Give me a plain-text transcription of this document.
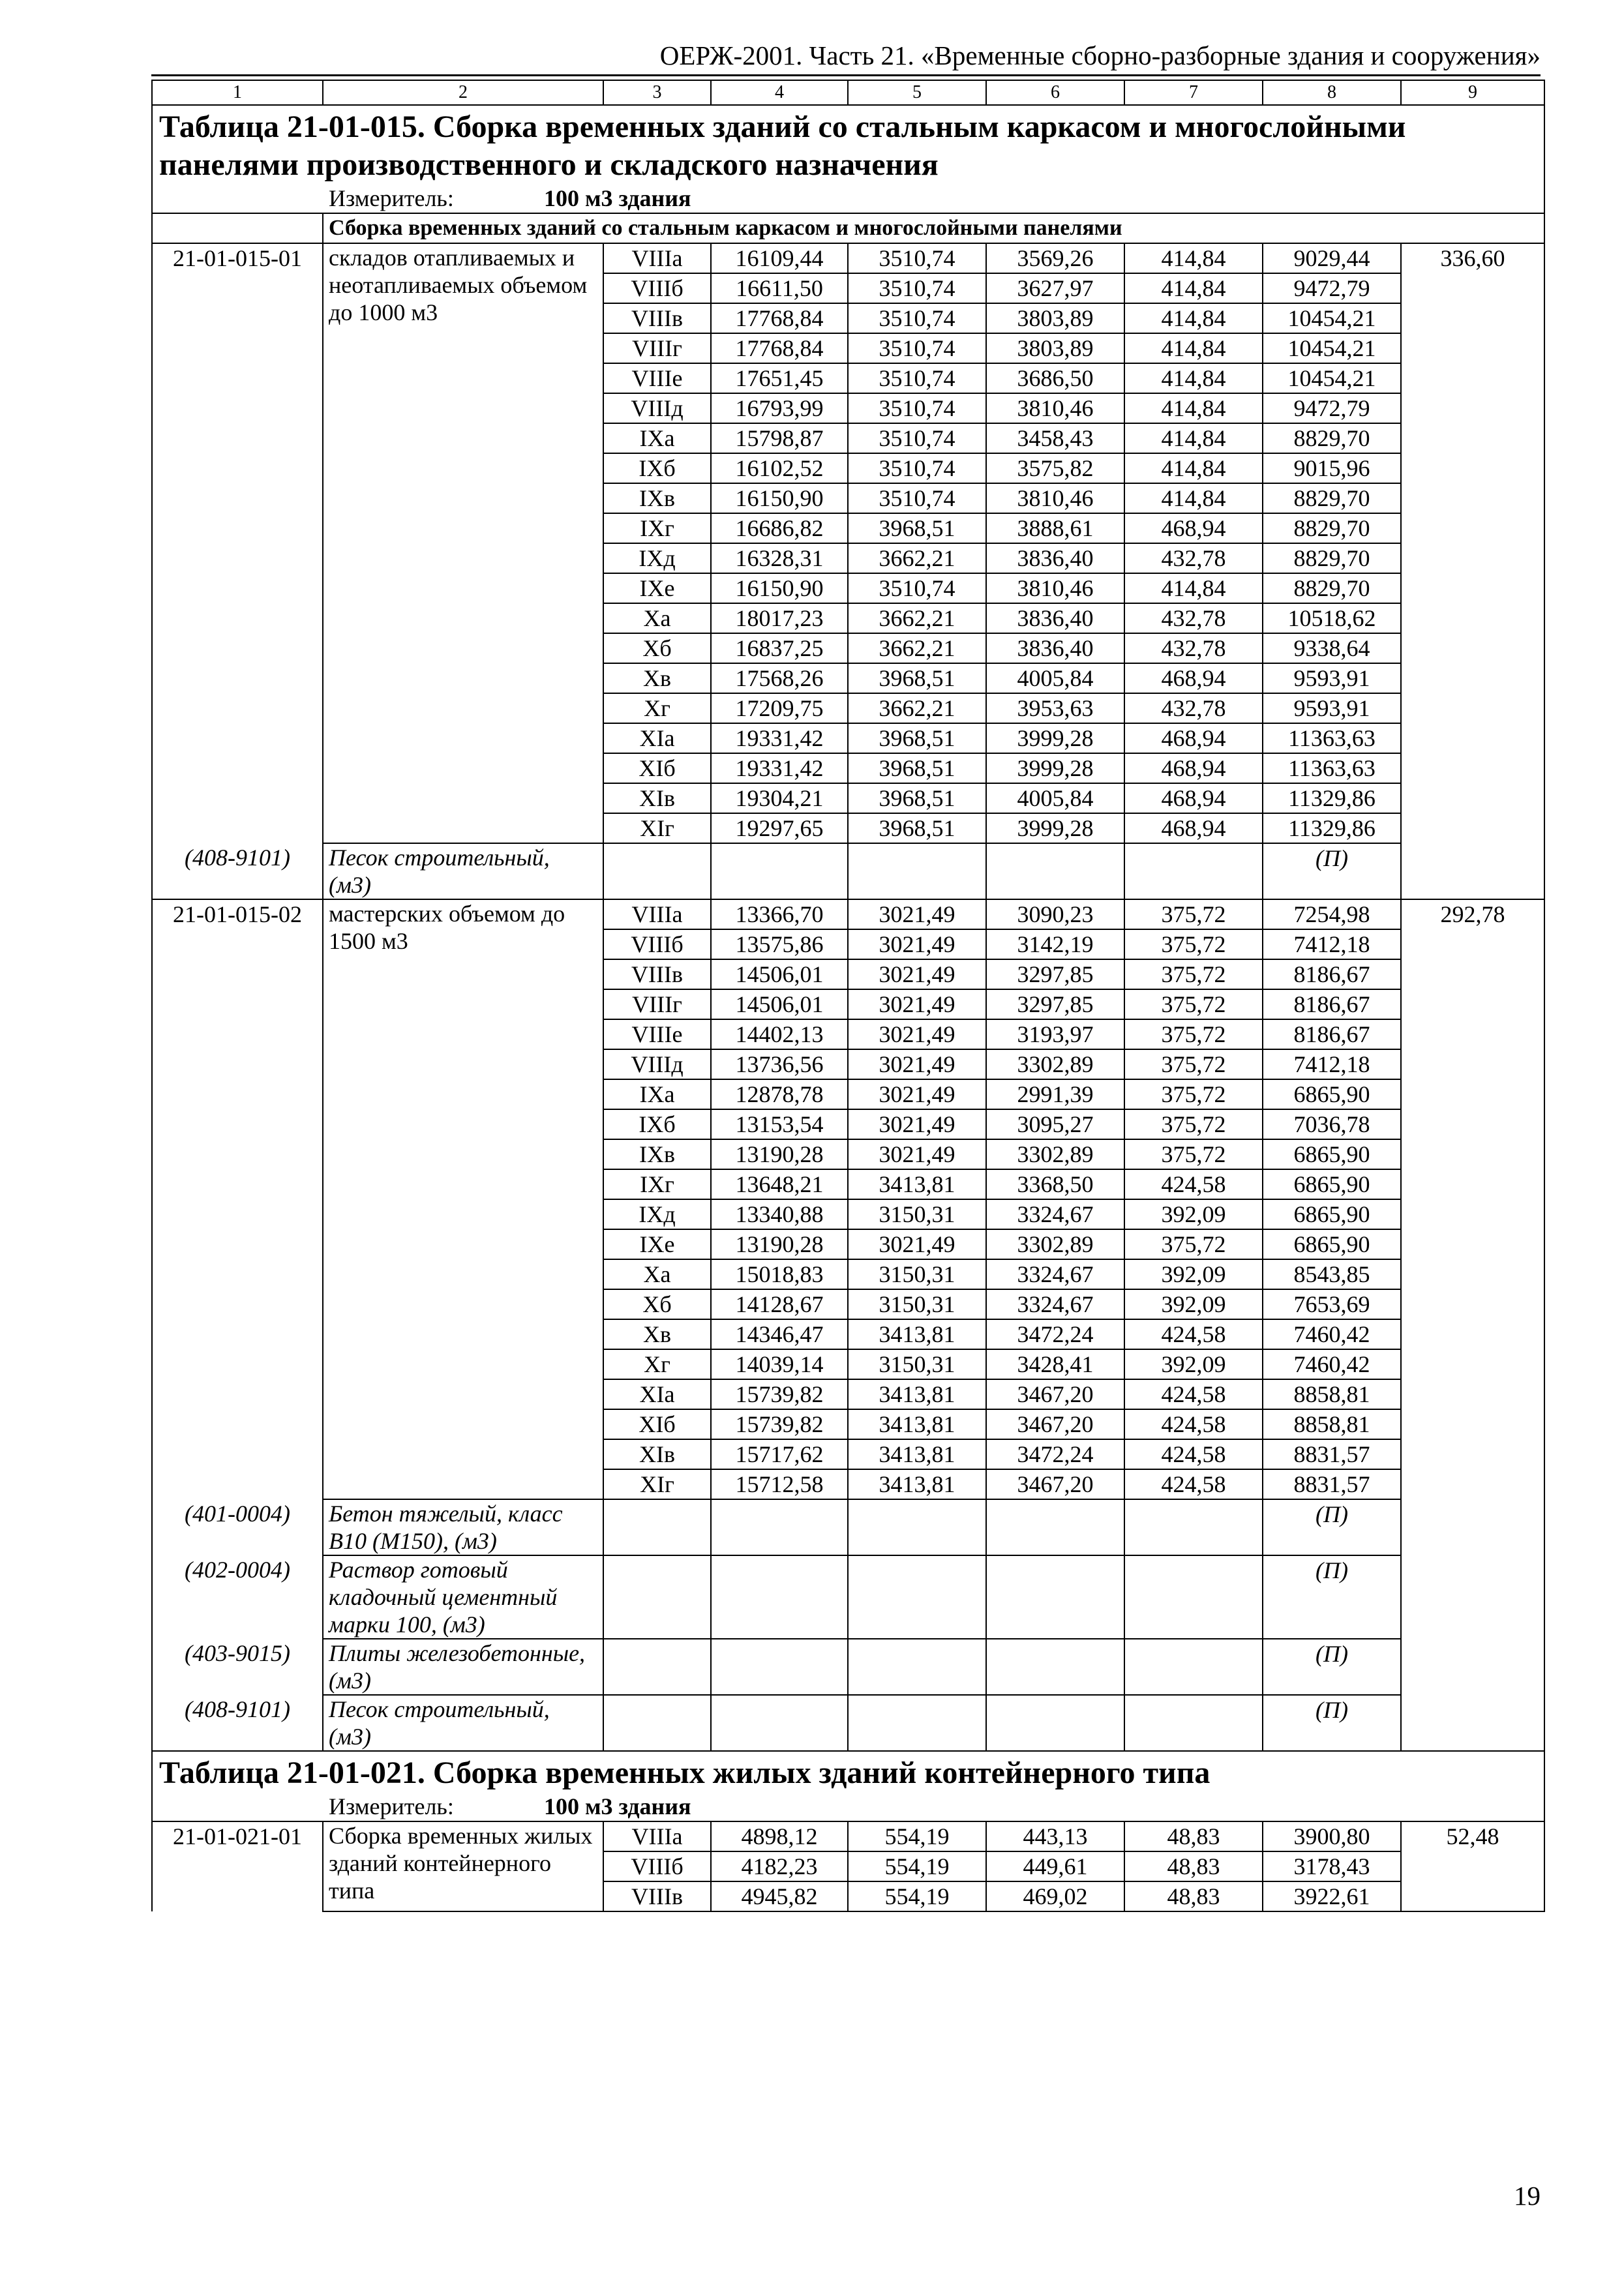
ОЕРЖ-2001. Часть 21. «Временные сборно-разборные здания и сооружения»
1	2	3	4	5	6	7	8	9
Таблица 21-01-015. Сборка временных зданий со стальным каркасом и многослойными панелями производственного и складского назначения								
Измеритель: 100 м3 здания								
	Сборка временных зданий со стальным каркасом и многослойными панелями							
21-01-015-01	складов отапливаемых и неотапливаемых объемом до 1000 м3	VIIIа	16109,44	3510,74	3569,26	414,84	9029,44	336,60
		VIIIб	16611,50	3510,74	3627,97	414,84	9472,79	
		VIIIв	17768,84	3510,74	3803,89	414,84	10454,21	
		VIIIг	17768,84	3510,74	3803,89	414,84	10454,21	
		VIIIе	17651,45	3510,74	3686,50	414,84	10454,21	
		VIIIд	16793,99	3510,74	3810,46	414,84	9472,79	
		IXа	15798,87	3510,74	3458,43	414,84	8829,70	
		IXб	16102,52	3510,74	3575,82	414,84	9015,96	
		IXв	16150,90	3510,74	3810,46	414,84	8829,70	
		IXг	16686,82	3968,51	3888,61	468,94	8829,70	
		IXд	16328,31	3662,21	3836,40	432,78	8829,70	
		IXе	16150,90	3510,74	3810,46	414,84	8829,70	
		Xа	18017,23	3662,21	3836,40	432,78	10518,62	
		Xб	16837,25	3662,21	3836,40	432,78	9338,64	
		Xв	17568,26	3968,51	4005,84	468,94	9593,91	
		Xг	17209,75	3662,21	3953,63	432,78	9593,91	
		XIа	19331,42	3968,51	3999,28	468,94	11363,63	
		XIб	19331,42	3968,51	3999,28	468,94	11363,63	
		XIв	19304,21	3968,51	4005,84	468,94	11329,86	
		XIг	19297,65	3968,51	3999,28	468,94	11329,86	
(408-9101)	Песок строительный, (м3)						(П)	
21-01-015-02	мастерских объемом до 1500 м3	VIIIа	13366,70	3021,49	3090,23	375,72	7254,98	292,78
		VIIIб	13575,86	3021,49	3142,19	375,72	7412,18	
		VIIIв	14506,01	3021,49	3297,85	375,72	8186,67	
		VIIIг	14506,01	3021,49	3297,85	375,72	8186,67	
		VIIIе	14402,13	3021,49	3193,97	375,72	8186,67	
		VIIIд	13736,56	3021,49	3302,89	375,72	7412,18	
		IXа	12878,78	3021,49	2991,39	375,72	6865,90	
		IXб	13153,54	3021,49	3095,27	375,72	7036,78	
		IXв	13190,28	3021,49	3302,89	375,72	6865,90	
		IXг	13648,21	3413,81	3368,50	424,58	6865,90	
		IXд	13340,88	3150,31	3324,67	392,09	6865,90	
		IXе	13190,28	3021,49	3302,89	375,72	6865,90	
		Xа	15018,83	3150,31	3324,67	392,09	8543,85	
		Xб	14128,67	3150,31	3324,67	392,09	7653,69	
		Xв	14346,47	3413,81	3472,24	424,58	7460,42	
		Xг	14039,14	3150,31	3428,41	392,09	7460,42	
		XIа	15739,82	3413,81	3467,20	424,58	8858,81	
		XIб	15739,82	3413,81	3467,20	424,58	8858,81	
		XIв	15717,62	3413,81	3472,24	424,58	8831,57	
		XIг	15712,58	3413,81	3467,20	424,58	8831,57	
(401-0004)	Бетон тяжелый, класс В10 (М150), (м3)						(П)	
(402-0004)	Раствор готовый кладочный цементный марки 100, (м3)						(П)	
(403-9015)	Плиты железобетонные, (м3)						(П)	
(408-9101)	Песок строительный, (м3)						(П)	
Таблица 21-01-021. Сборка временных жилых зданий контейнерного типа								
Измеритель: 100 м3 здания								
21-01-021-01	Сборка временных жилых зданий контейнерного типа	VIIIа	4898,12	554,19	443,13	48,83	3900,80	52,48
		VIIIб	4182,23	554,19	449,61	48,83	3178,43	
		VIIIв	4945,82	554,19	469,02	48,83	3922,61	
19
